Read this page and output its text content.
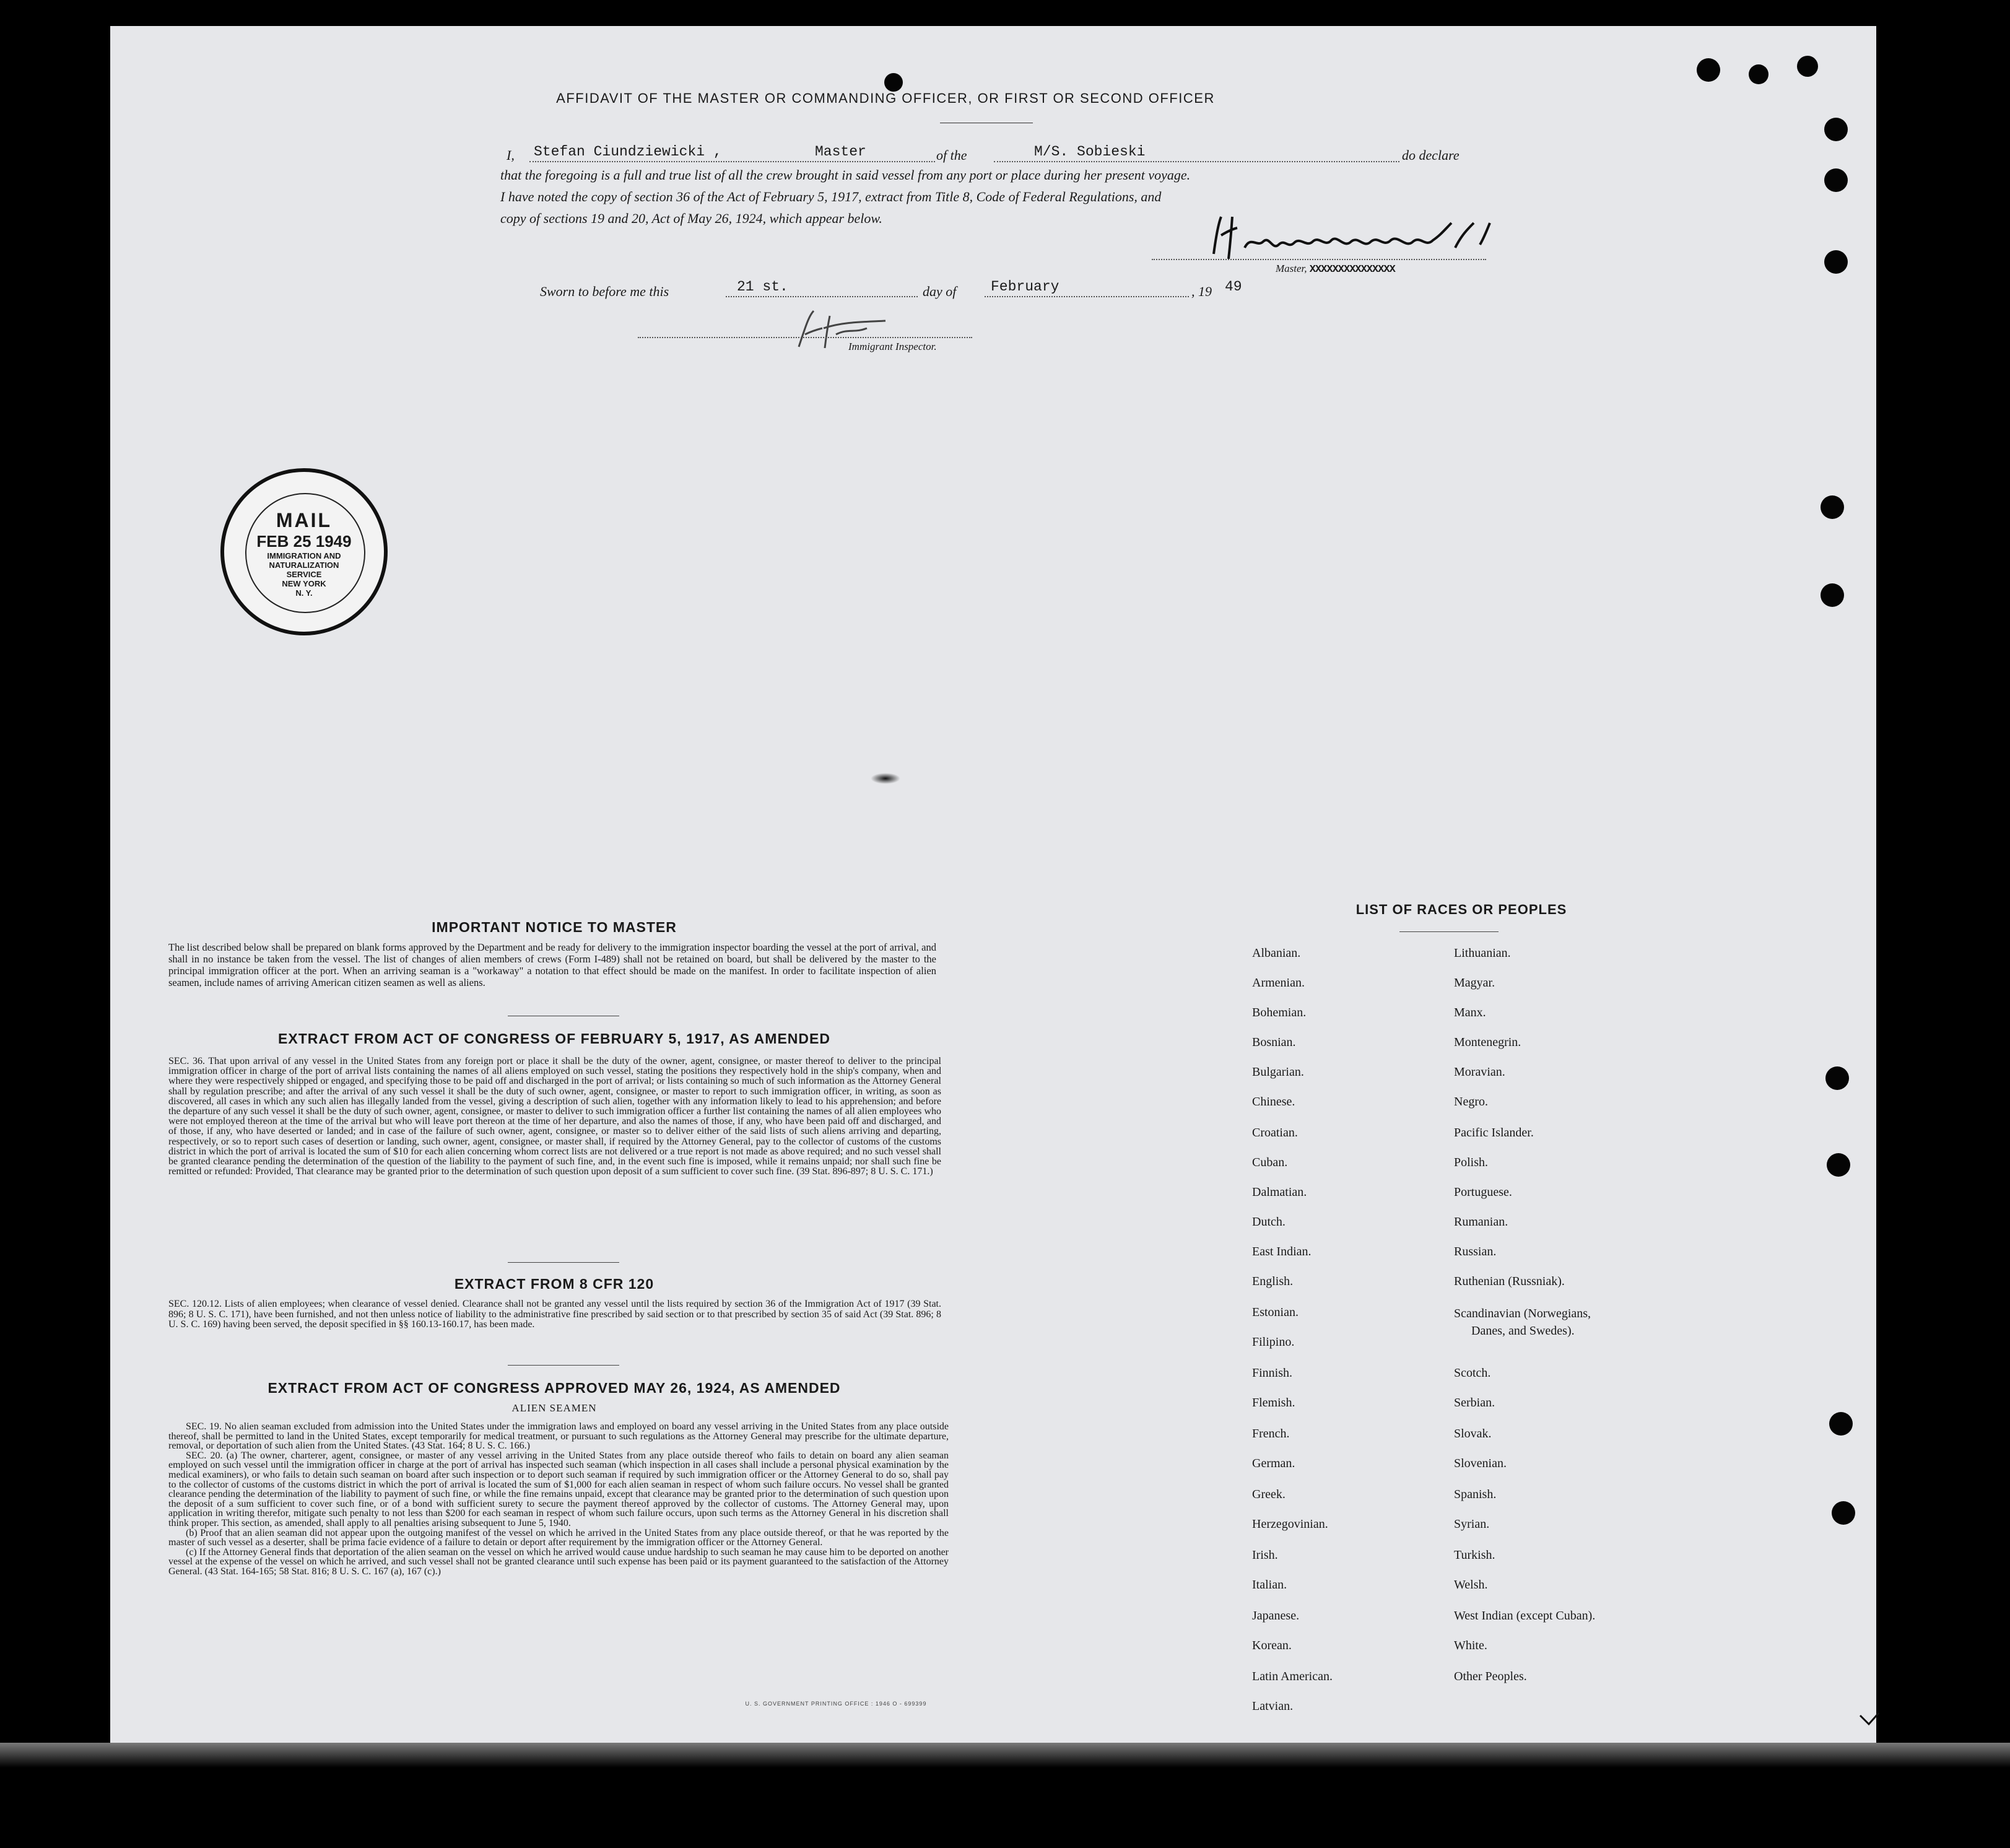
AFFIDAVIT OF THE MASTER OR COMMANDING OFFICER, OR FIRST OR SECOND OFFICER
I, Stefan Ciundziewicki ,	Master	of the	M/S. Sobieski	do declare
that the foregoing is a full and true list of all the crew brought in said vessel from any port or place during her present voyage.
I have noted the copy of section 36 of the Act of February 5, 1917, extract from Title 8, Code of Federal Regulations, and
copy of sections 19 and 20, Act of May 26, 1924, which appear below.
Master, XXXXXXXXXXXXXXX
Sworn to before me this	21 st.	day of February	, 19 49
Immigrant Inspector.
MAIL
FEB 25 1949
IMMIGRATION AND
NATURALIZATION
SERVICE
NEW YORK
N. Y.
IMPORTANT NOTICE TO MASTER
The list described below shall be prepared on blank forms approved by the Department and be ready for delivery to the immigration inspector boarding the vessel at the port of arrival, and shall in no instance be taken from the vessel. The list of changes of alien members of crews (Form I-489) shall not be retained on board, but shall be delivered by the master to the principal immigration officer at the port. When an arriving seaman is a "workaway" a notation to that effect should be made on the manifest. In order to facilitate inspection of alien seamen, include names of arriving American citizen seamen as well as aliens.
EXTRACT FROM ACT OF CONGRESS OF FEBRUARY 5, 1917, AS AMENDED
SEC. 36. That upon arrival of any vessel in the United States from any foreign port or place it shall be the duty of the owner, agent, consignee, or master thereof to deliver to the principal immigration officer in charge of the port of arrival lists containing the names of all aliens employed on such vessel, stating the positions they respectively hold in the ship's company, when and where they were respectively shipped or engaged, and specifying those to be paid off and discharged in the port of arrival; or lists containing so much of such information as the Attorney General shall by regulation prescribe; and after the arrival of any such vessel it shall be the duty of such owner, agent, consignee, or master to report to such immigration officer, in writing, as soon as discovered, all cases in which any such alien has illegally landed from the vessel, giving a description of such alien, together with any information likely to lead to his apprehension; and before the departure of any such vessel it shall be the duty of such owner, agent, consignee, or master to deliver to such immigration officer a further list containing the names of all alien employees who were not employed thereon at the time of the arrival but who will leave port thereon at the time of her departure, and also the names of those, if any, who have been paid off and discharged, and of those, if any, who have deserted or landed; and in case of the failure of such owner, agent, consignee, or master so to deliver either of the said lists of such aliens arriving and departing, respectively, or so to report such cases of desertion or landing, such owner, agent, consignee, or master shall, if required by the Attorney General, pay to the collector of customs of the customs district in which the port of arrival is located the sum of $10 for each alien concerning whom correct lists are not delivered or a true report is not made as above required; and no such vessel shall be granted clearance pending the determination of the question of the liability to the payment of such fine, and, in the event such fine is imposed, while it remains unpaid; nor shall such fine be remitted or refunded: Provided, That clearance may be granted prior to the determination of such question upon deposit of a sum sufficient to cover such fine. (39 Stat. 896-897; 8 U. S. C. 171.)
EXTRACT FROM 8 CFR 120
SEC. 120.12. Lists of alien employees; when clearance of vessel denied. Clearance shall not be granted any vessel until the lists required by section 36 of the Immigration Act of 1917 (39 Stat. 896; 8 U. S. C. 171), have been furnished, and not then unless notice of liability to the administrative fine prescribed by said section or to that prescribed by section 35 of said Act (39 Stat. 896; 8 U. S. C. 169) having been served, the deposit specified in §§ 160.13-160.17, has been made.
EXTRACT FROM ACT OF CONGRESS APPROVED MAY 26, 1924, AS AMENDED
ALIEN SEAMEN
SEC. 19. No alien seaman excluded from admission into the United States under the immigration laws and employed on board any vessel arriving in the United States from any place outside thereof, shall be permitted to land in the United States, except temporarily for medical treatment, or pursuant to such regulations as the Attorney General may prescribe for the ultimate departure, removal, or deportation of such alien from the United States. (43 Stat. 164; 8 U. S. C. 166.)
SEC. 20. (a) The owner, charterer, agent, consignee, or master of any vessel arriving in the United States from any place outside thereof who fails to detain on board any alien seaman employed on such vessel until the immigration officer in charge at the port of arrival has inspected such seaman (which inspection in all cases shall include a personal physical examination by the medical examiners), or who fails to detain such seaman on board after such inspection or to deport such seaman if required by such immigration officer or the Attorney General to do so, shall pay to the collector of customs of the customs district in which the port of arrival is located the sum of $1,000 for each alien seaman in respect of whom such failure occurs. No vessel shall be granted clearance pending the determination of the liability to payment of such fine, or while the fine remains unpaid, except that clearance may be granted prior to the determination of such question upon the deposit of a sum sufficient to cover such fine, or of a bond with sufficient surety to secure the payment thereof approved by the collector of customs. The Attorney General may, upon application in writing therefor, mitigate such penalty to not less than $200 for each seaman in respect of whom such failure occurs, upon such terms as the Attorney General in his discretion shall think proper. This section, as amended, shall apply to all penalties arising subsequent to June 5, 1940.
(b) Proof that an alien seaman did not appear upon the outgoing manifest of the vessel on which he arrived in the United States from any place outside thereof, or that he was reported by the master of such vessel as a deserter, shall be prima facie evidence of a failure to detain or deport after requirement by the immigration officer or the Attorney General.
(c) If the Attorney General finds that deportation of the alien seaman on the vessel on which he arrived would cause undue hardship to such seaman he may cause him to be deported on another vessel at the expense of the vessel on which he arrived, and such vessel shall not be granted clearance until such expense has been paid or its payment guaranteed to the satisfaction of the Attorney General. (43 Stat. 164-165; 58 Stat. 816; 8 U. S. C. 167 (a), 167 (c).)
U. S. GOVERNMENT PRINTING OFFICE : 1946 O - 699399
LIST OF RACES OR PEOPLES
Albanian.
Armenian.
Bohemian.
Bosnian.
Bulgarian.
Chinese.
Croatian.
Cuban.
Dalmatian.
Dutch.
East Indian.
English.
Estonian.
Filipino.
Finnish.
Flemish.
French.
German.
Greek.
Herzegovinian.
Irish.
Italian.
Japanese.
Korean.
Latin American.
Latvian.
Lithuanian.
Magyar.
Manx.
Montenegrin.
Moravian.
Negro.
Pacific Islander.
Polish.
Portuguese.
Rumanian.
Russian.
Ruthenian (Russniak).
Scandinavian (Norwegians,
Danes, and Swedes).
Scotch.
Serbian.
Slovak.
Slovenian.
Spanish.
Syrian.
Turkish.
Welsh.
West Indian (except Cuban).
White.
Other Peoples.
